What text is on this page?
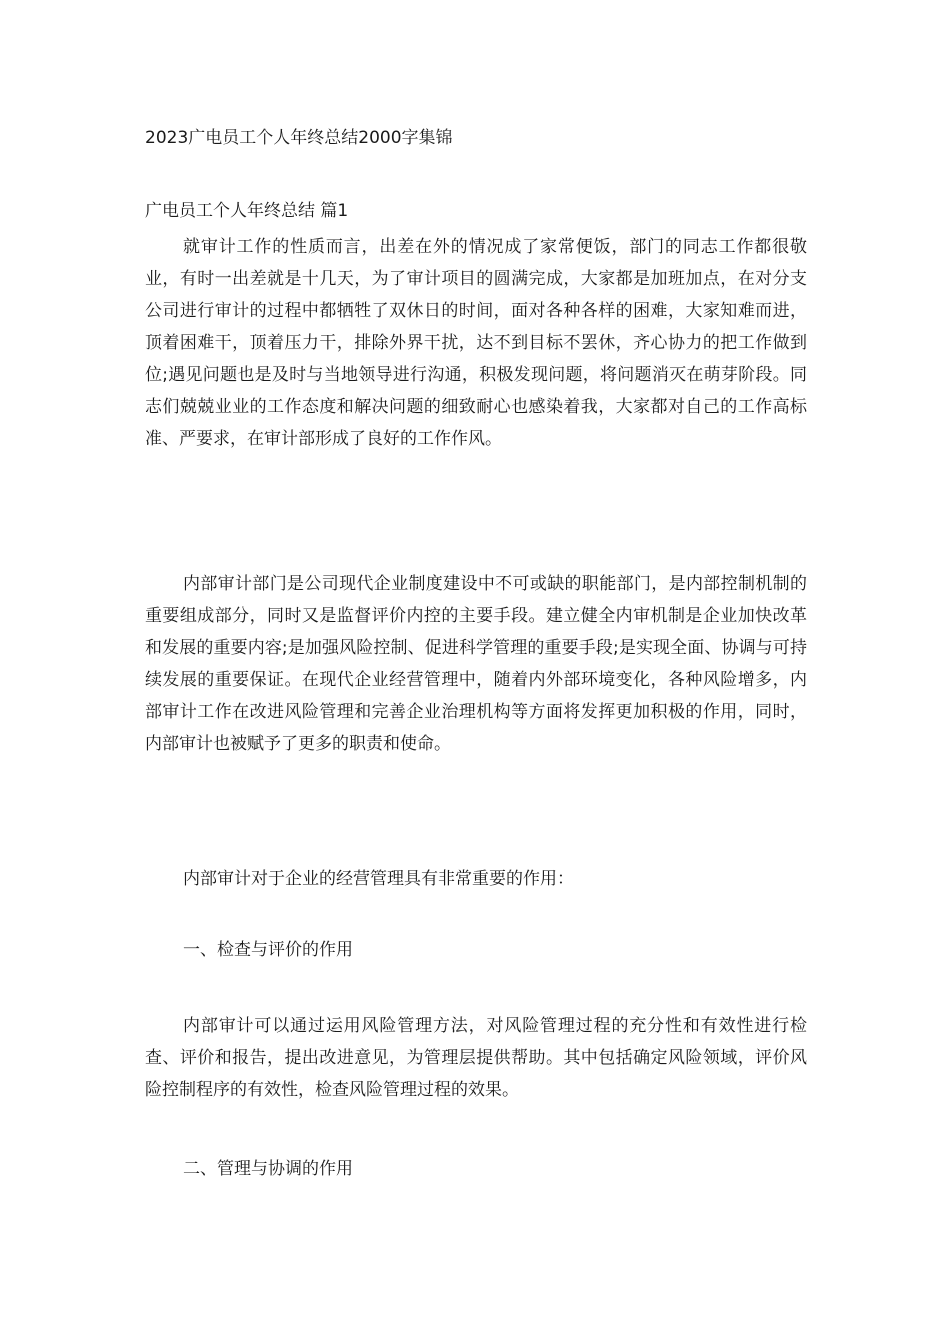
2023广电员工个人年终总结2000字集锦
广电员工个人年终总结 篇1

就审计工作的性质而言，出差在外的情况成了家常便饭，部门的同志工作都很敬业，有时一出差就是十几天，为了审计项目的圆满完成，大家都是加班加点，在对分支公司进行审计的过程中都牺牲了双休日的时间，面对各种各样的困难，大家知难而进，顶着困难干，顶着压力干，排除外界干扰，达不到目标不罢休，齐心协力的把工作做到位;遇见问题也是及时与当地领导进行沟通，积极发现问题，将问题消灭在萌芽阶段。同志们兢兢业业的工作态度和解决问题的细致耐心也感染着我，大家都对自己的工作高标准、严要求，在审计部形成了良好的工作作风。

内部审计部门是公司现代企业制度建设中不可或缺的职能部门，是内部控制机制的重要组成部分，同时又是监督评价内控的主要手段。建立健全内审机制是企业加快改革和发展的重要内容;是加强风险控制、促进科学管理的重要手段;是实现全面、协调与可持续发展的重要保证。在现代企业经营管理中，随着内外部环境变化，各种风险增多，内部审计工作在改进风险管理和完善企业治理机构等方面将发挥更加积极的作用，同时，内部审计也被赋予了更多的职责和使命。

内部审计对于企业的经营管理具有非常重要的作用：

一、检查与评价的作用

内部审计可以通过运用风险管理方法，对风险管理过程的充分性和有效性进行检查、评价和报告，提出改进意见，为管理层提供帮助。其中包括确定风险领域，评价风险控制程序的有效性，检查风险管理过程的效果。

二、管理与协调的作用
